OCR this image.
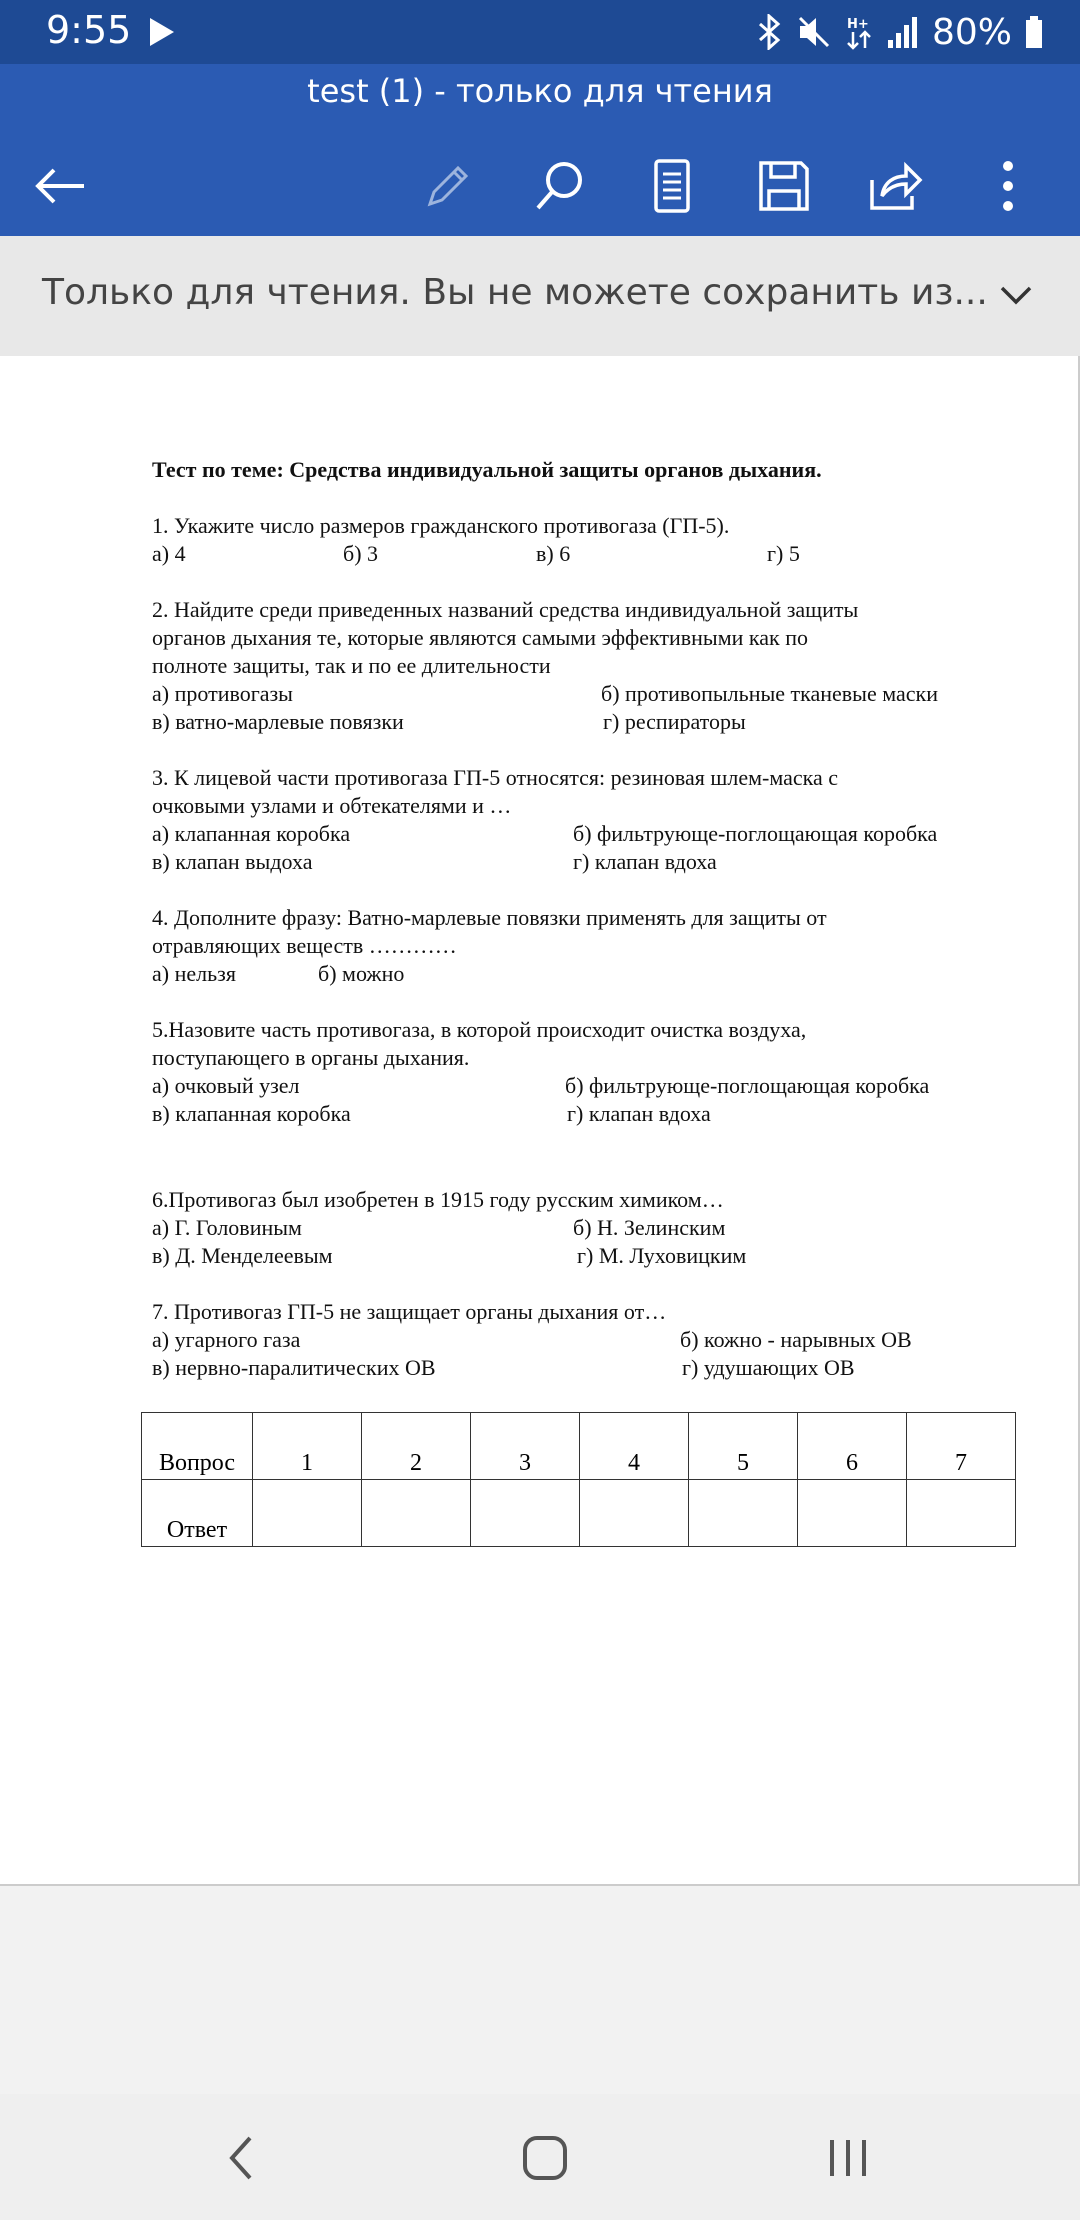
9:55	H+ 80%
test (1) - только для чтения
Только для чтения. Вы не можете сохранить из...
Тест по теме: Средства индивидуальной защиты органов дыхания.
1. Укажите число размеров гражданского противогаза (ГП-5).
а) 4	б) 3	в) 6	г) 5
2. Найдите среди приведенных названий средства индивидуальной защиты
органов дыхания те, которые являются самыми эффективными как по
полноте защиты, так и по ее длительности
а) противогазы	б) противопыльные тканевые маски
в) ватно-марлевые повязки	г) респираторы
3. К лицевой части противогаза ГП-5 относятся: резиновая шлем-маска с
очковыми узлами и обтекателями и …
а) клапанная коробка	б) фильтрующе-поглощающая коробка
в) клапан выдоха	г) клапан вдоха
4. Дополните фразу: Ватно-марлевые повязки применять для защиты от
отравляющих веществ …………
а) нельзя	б) можно
5.Назовите часть противогаза, в которой происходит очистка воздуха,
поступающего в органы дыхания.
а) очковый узел	б) фильтрующе-поглощающая коробка
в) клапанная коробка	г) клапан вдоха
6.Противогаз был изобретен в 1915 году русским химиком…
а) Г. Головиным	б) Н. Зелинским
в) Д. Менделеевым	г) М. Луховицким
7. Противогаз ГП-5 не защищает органы дыхания от…
а) угарного газа	б) кожно - нарывных ОВ
в) нервно-паралитических ОВ	г) удушающих ОВ
Вопрос	1	2	3	4	5	6	7
Ответ							
